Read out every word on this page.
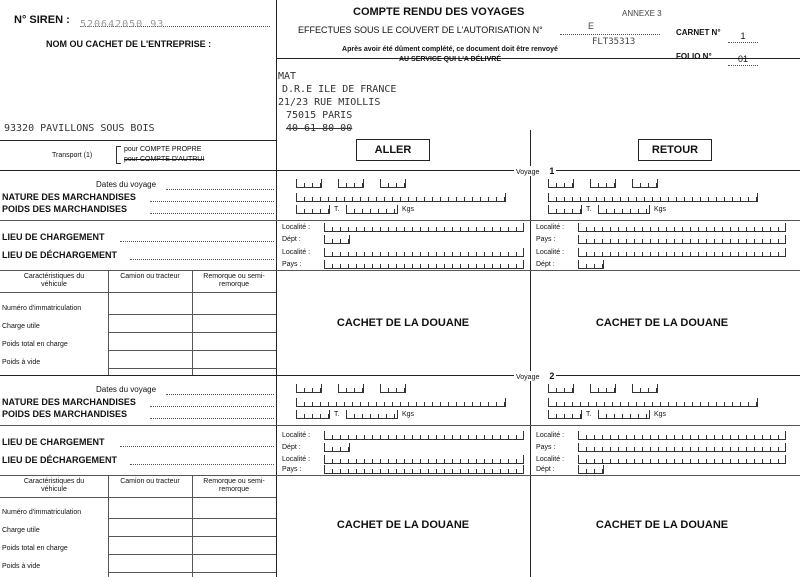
N° SIREN : 520642050 93
NOM OU CACHET DE L'ENTREPRISE :
93320 PAVILLONS SOUS BOIS
Transport (1)
pour COMPTE PROPRE
pour COMPTE D'AUTRUI
COMPTE RENDU DES VOYAGES	ANNEXE 3
EFFECTUES SOUS LE COUVERT DE L'AUTORISATION N°	E
FLT35313
CARNET N°	1
FOLIO N°	01
Après avoir été dûment complété, ce document doit être renvoyé
AU SERVICE QUI L'A DÉLIVRÉ
MAT
D.R.E ILE DE FRANCE
21/23 RUE MIOLLIS
75015 PARIS
40 61 80 00
ALLER	RETOUR
Voyage 1
Dates du voyage
NATURE DES MARCHANDISES
POIDS DES MARCHANDISES
LIEU DE CHARGEMENT
LIEU DE DÉCHARGEMENT
T.	Kgs
Localité :
Dépt :
Localité :
Pays :
T.	Kgs
Localité :
Pays :
Localité :
Dépt :
Caractéristiques du véhicule
Camion ou tracteur	Remorque ou semi-remorque
Numéro d'immatriculation
Charge utile
Poids total en charge
Poids à vide
CACHET DE LA DOUANE	CACHET DE LA DOUANE
Voyage 2
Dates du voyage
NATURE DES MARCHANDISES
POIDS DES MARCHANDISES
LIEU DE CHARGEMENT
LIEU DE DÉCHARGEMENT
T.	Kgs
Localité :
Dépt :
Localité :
Pays :
T.	Kgs
Localité :
Pays :
Localité :
Dépt :
Caractéristiques du véhicule
Camion ou tracteur	Remorque ou semi-remorque
Numéro d'immatriculation
Charge utile
Poids total en charge
Poids à vide
CACHET DE LA DOUANE	CACHET DE LA DOUANE
